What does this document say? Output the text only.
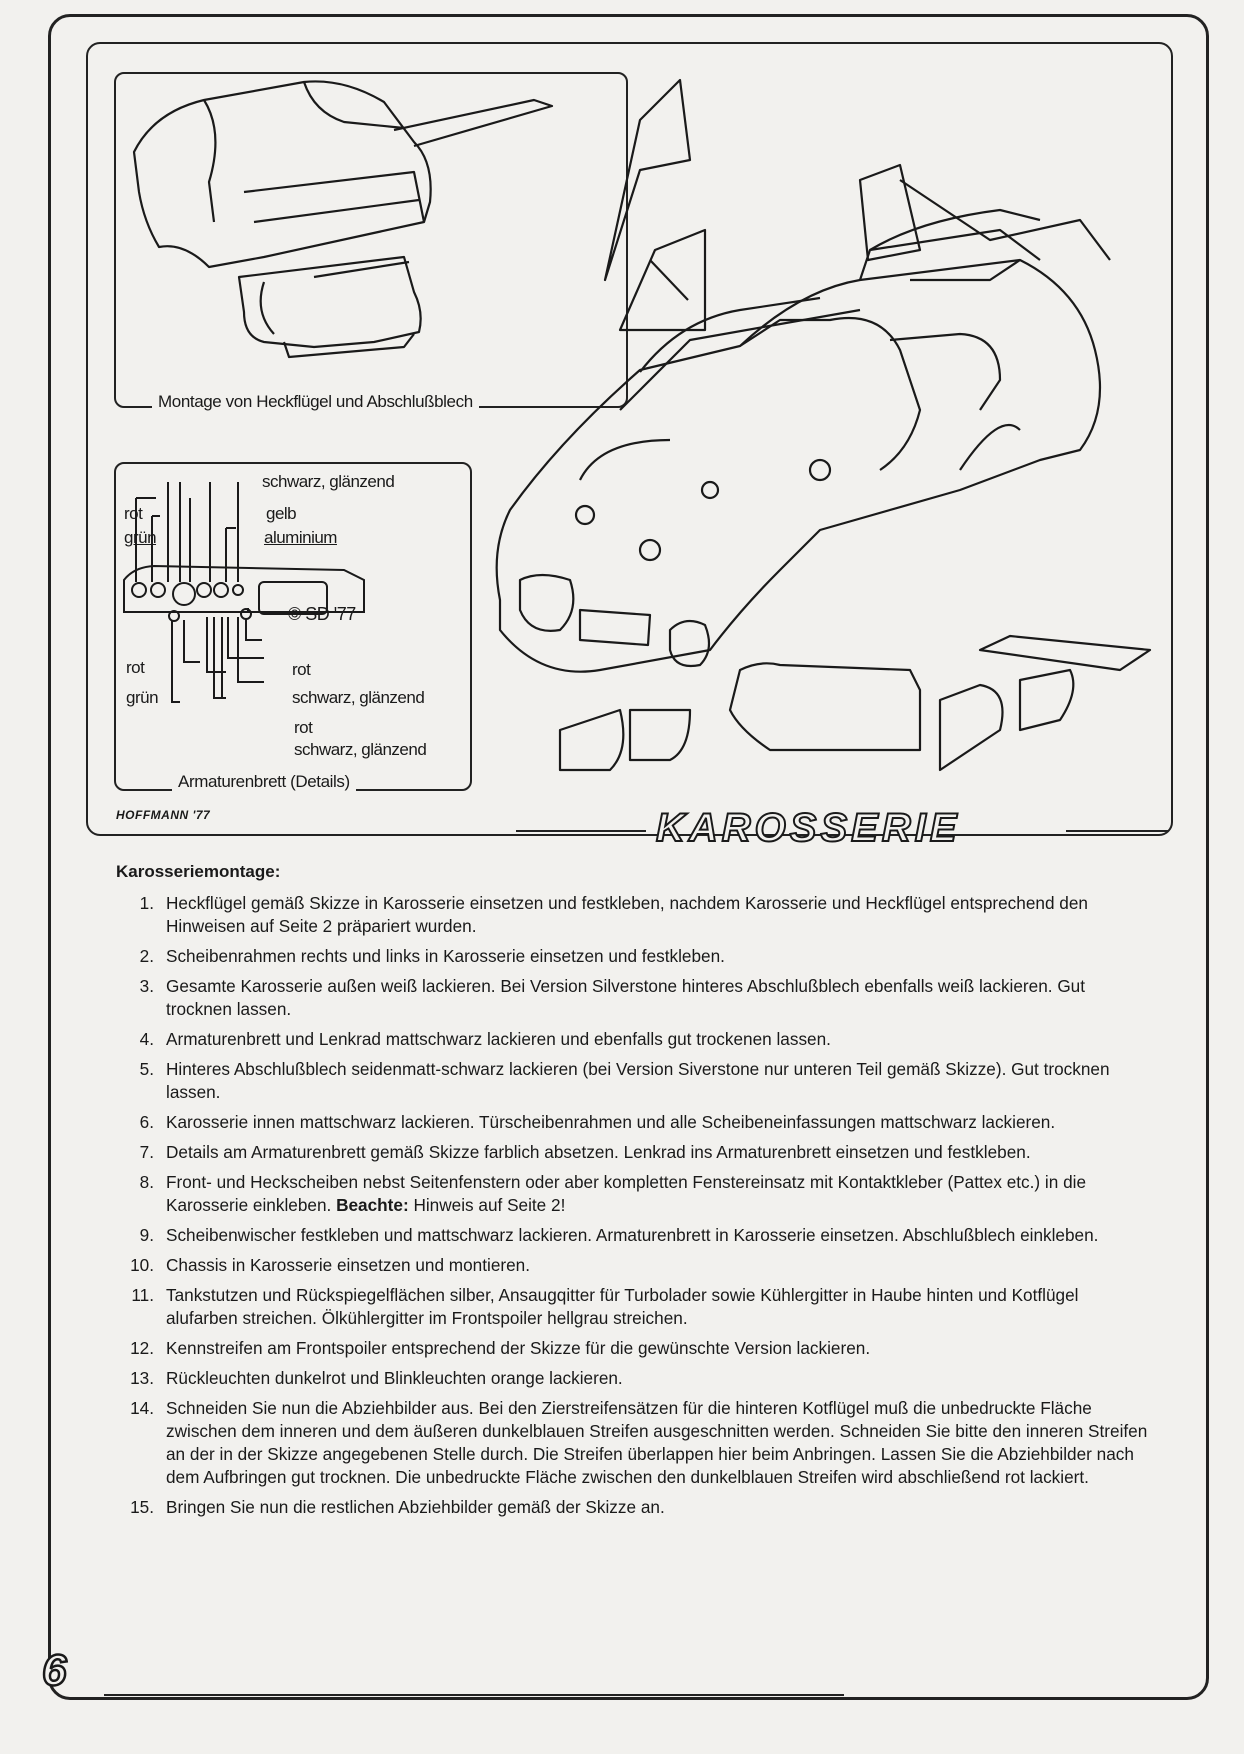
Montage von Heckflügel und Abschlußblech
schwarz, glänzend
rot	gelb
grün	aluminium
© SD '77
rot	rot
grün	schwarz, glänzend
rot
schwarz, glänzend
Armaturenbrett (Details)
HOFFMANN '77	KAROSSERIE
Karosseriemontage:
1. Heckflügel gemäß Skizze in Karosserie einsetzen und festkleben, nachdem Karosserie und Heckflügel entsprechend den Hinweisen auf Seite 2 präpariert wurden.
2. Scheibenrahmen rechts und links in Karosserie einsetzen und festkleben.
3. Gesamte Karosserie außen weiß lackieren. Bei Version Silverstone hinteres Abschlußblech ebenfalls weiß lackieren. Gut trocknen lassen.
4. Armaturenbrett und Lenkrad mattschwarz lackieren und ebenfalls gut trockenen lassen.
5. Hinteres Abschlußblech seidenmatt-schwarz lackieren (bei Version Siverstone nur unteren Teil gemäß Skizze). Gut trocknen lassen.
6. Karosserie innen mattschwarz lackieren. Türscheibenrahmen und alle Scheibeneinfassungen mattschwarz lackieren.
7. Details am Armaturenbrett gemäß Skizze farblich absetzen. Lenkrad ins Armaturenbrett einsetzen und festkleben.
8. Front- und Heckscheiben nebst Seitenfenstern oder aber kompletten Fenstereinsatz mit Kontaktkleber (Pattex etc.) in die Karosserie einkleben. Beachte: Hinweis auf Seite 2!
9. Scheibenwischer festkleben und mattschwarz lackieren. Armaturenbrett in Karosserie einsetzen. Abschlußblech einkleben.
10. Chassis in Karosserie einsetzen und montieren.
11. Tankstutzen und Rückspiegelflächen silber, Ansaugqitter für Turbolader sowie Kühlergitter in Haube hinten und Kotflügel alufarben streichen. Ölkühlergitter im Frontspoiler hellgrau streichen.
12. Kennstreifen am Frontspoiler entsprechend der Skizze für die gewünschte Version lackieren.
13. Rückleuchten dunkelrot und Blinkleuchten orange lackieren.
14. Schneiden Sie nun die Abziehbilder aus. Bei den Zierstreifensätzen für die hinteren Kotflügel muß die unbedruckte Fläche zwischen dem inneren und dem äußeren dunkelblauen Streifen ausgeschnitten werden. Schneiden Sie bitte den inneren Streifen an der in der Skizze angegebenen Stelle durch. Die Streifen überlappen hier beim Anbringen. Lassen Sie die Abziehbilder nach dem Aufbringen gut trocknen. Die unbedruckte Fläche zwischen den dunkelblauen Streifen wird abschließend rot lackiert.
15. Bringen Sie nun die restlichen Abziehbilder gemäß der Skizze an.
6
